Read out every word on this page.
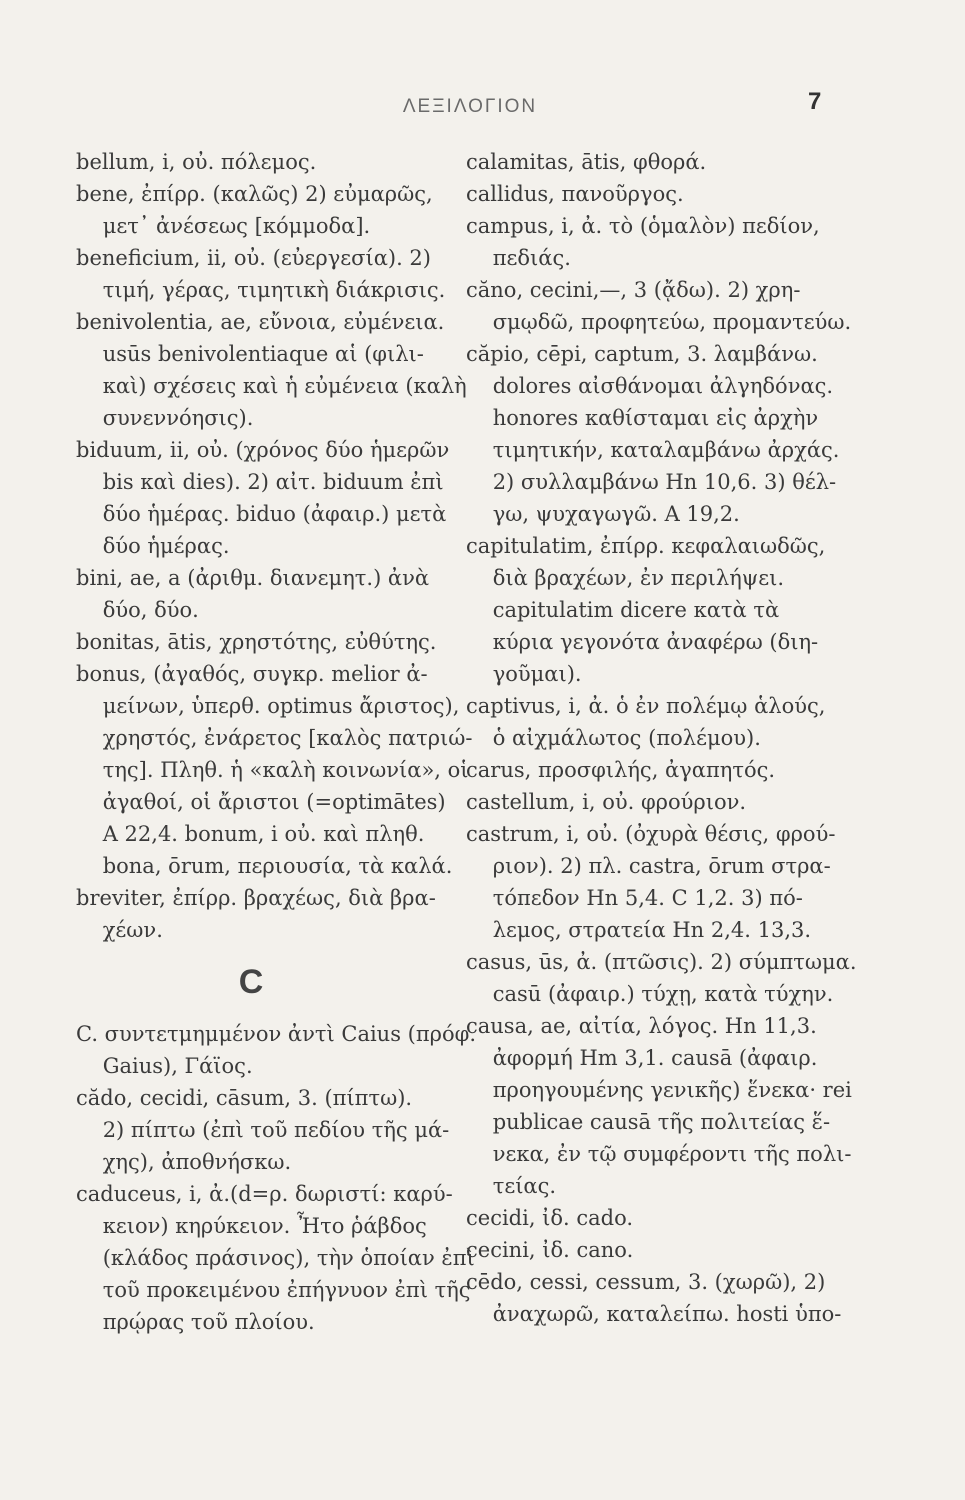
ΛΕΞΙΛΟΓΙΟΝ	7
bellum, i, οὐ. πόλεμος.
bene, ἐπίρρ. (καλῶς) 2) εὐμαρῶς,
μετ᾽ ἀνέσεως [κόμμοδα].
beneficium, ii, οὐ. (εὐεργεσία). 2)
τιμή, γέρας, τιμητικὴ διάκρισις.
benivolentia, ae, εὔνοια, εὐμένεια.
usūs benivolentiaque αἱ (φιλι-
καὶ) σχέσεις καὶ ἡ εὐμένεια (καλὴ
συνεννόησις).
biduum, ii, οὐ. (χρόνος δύο ἡμερῶν
bis καὶ dies). 2) αἰτ. biduum ἐπὶ
δύο ἡμέρας. biduo (ἀφαιρ.) μετὰ
δύο ἡμέρας.
bini, ae, a (ἀριθμ. διανεμητ.) ἀνὰ
δύο, δύο.
bonitas, ātis, χρηστότης, εὐθύτης.
bonus, (ἀγαθός, συγκρ. melior ἀ-
μείνων, ὑπερθ. optimus ἄριστος),
χρηστός, ἐνάρετος [καλὸς πατριώ-
της]. Πληθ. ἡ «καλὴ κοινωνία», οἱ
ἀγαθοί, οἱ ἄριστοι (=optimātes)
A 22,4. bonum, i οὐ. καὶ πληθ.
bona, ōrum, περιουσία, τὰ καλά.
breviter, ἐπίρρ. βραχέως, διὰ βρα-
χέων.
C
C. συντετμημμένον ἀντὶ Caius (πρόφ.
Gaius), Γάϊος.
cădo, cecidi, cāsum, 3. (πίπτω).
2) πίπτω (ἐπὶ τοῦ πεδίου τῆς μά-
χης), ἀποθνήσκω.
caduceus, i, ἀ.(d=ρ. δωριστί: καρύ-
κειον) κηρύκειον. Ἦτο ῥάβδος
(κλάδος πράσινος), τὴν ὁποίαν ἐπὶ
τοῦ προκειμένου ἐπήγνυον ἐπὶ τῆς
πρῴρας τοῦ πλοίου.
calamitas, ātis, φθορά.
callidus, πανοῦργος.
campus, i, ἀ. τὸ (ὁμαλὸν) πεδίον,
πεδιάς.
căno, cecini,—, 3 (ᾄδω). 2) χρη-
σμῳδῶ, προφητεύω, προμαντεύω.
căpio, cēpi, captum, 3. λαμβάνω.
dolores αἰσθάνομαι ἀλγηδόνας.
honores καθίσταμαι εἰς ἀρχὴν
τιμητικήν, καταλαμβάνω ἀρχάς.
2) συλλαμβάνω Hn 10,6. 3) θέλ-
γω, ψυχαγωγῶ. A 19,2.
capitulatim, ἐπίρρ. κεφαλαιωδῶς,
διὰ βραχέων, ἐν περιλήψει.
capitulatim dicere κατὰ τὰ
κύρια γεγονότα ἀναφέρω (διη-
γοῦμαι).
captivus, i, ἀ. ὁ ἐν πολέμῳ ἁλούς,
ὁ αἰχμάλωτος (πολέμου).
carus, προσφιλής, ἀγαπητός.
castellum, i, οὐ. φρούριον.
castrum, i, οὐ. (ὀχυρὰ θέσις, φρού-
ριον). 2) πλ. castra, ōrum στρα-
τόπεδον Hn 5,4. C 1,2. 3) πό-
λεμος, στρατεία Hn 2,4. 13,3.
casus, ūs, ἀ. (πτῶσις). 2) σύμπτωμα.
casū (ἀφαιρ.) τύχῃ, κατὰ τύχην.
causa, ae, αἰτία, λόγος. Hn 11,3.
ἀφορμή Hm 3,1. causā (ἀφαιρ.
προηγουμένης γενικῆς) ἕνεκα· rei
publicae causā τῆς πολιτείας ἕ-
νεκα, ἐν τῷ συμφέροντι τῆς πολι-
τείας.
cecidi, ἰδ. cado.
cecini, ἰδ. cano.
cēdo, cessi, cessum, 3. (χωρῶ), 2)
ἀναχωρῶ, καταλείπω. hosti ὑπο-
